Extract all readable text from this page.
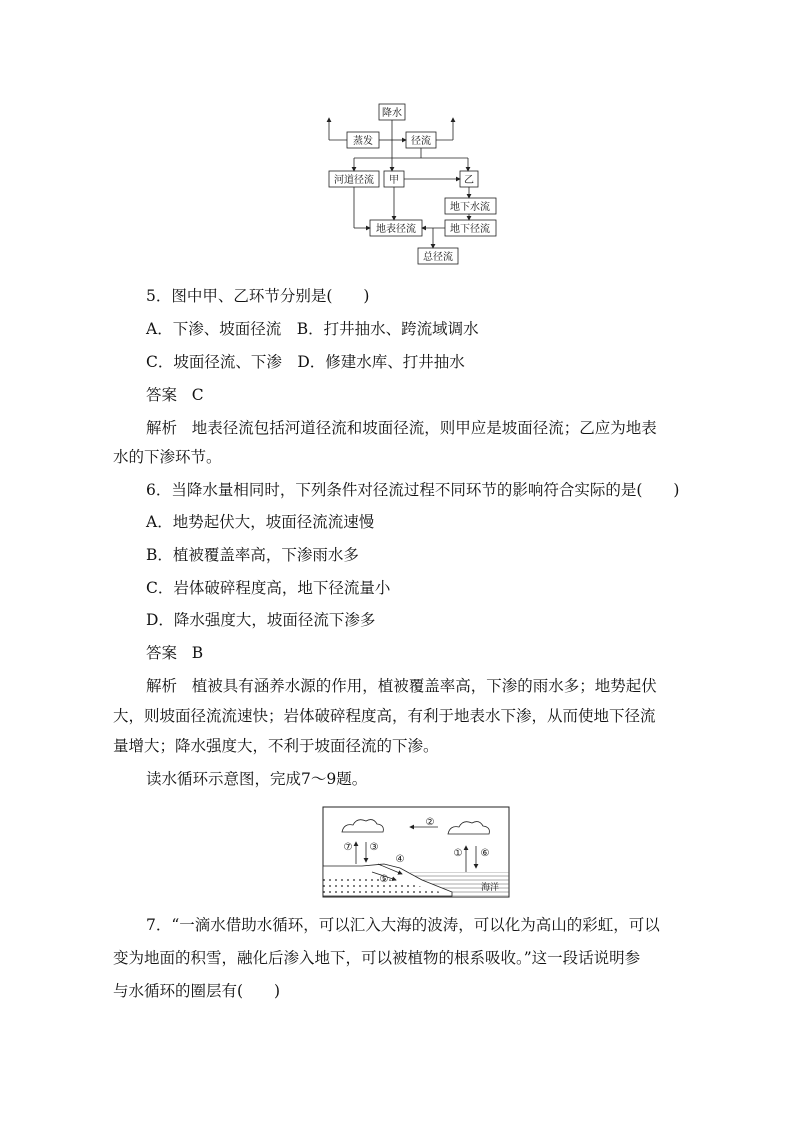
降水
蒸发	径流
河道径流 甲	乙
地下水流
地表径流	地下径流
总径流
5．图中甲、乙环节分别是(　　)
A．下渗、坡面径流　B．打井抽水、跨流域调水
C．坡面径流、下渗　D．修建水库、打井抽水
答案 C
解析 地表径流包括河道径流和坡面径流，则甲应是坡面径流；乙应为地表
水的下渗环节。
6．当降水量相同时，下列条件对径流过程不同环节的影响符合实际的是(　　)
A．地势起伏大，坡面径流流速慢
B．植被覆盖率高，下渗雨水多
C．岩体破碎程度高，地下径流量小
D．降水强度大，坡面径流下渗多
答案 B
解析 植被具有涵养水源的作用，植被覆盖率高，下渗的雨水多；地势起伏
大，则坡面径流流速快；岩体破碎程度高，有利于地表水下渗，从而使地下径流
量增大；降水强度大，不利于坡面径流的下渗。
读水循环示意图，完成7～9题。
②
⑦ ③
① ⑥
④
⑤
海洋
7．“一滴水借助水循环，可以汇入大海的波涛，可以化为高山的彩虹，可以
变为地面的积雪，融化后渗入地下，可以被植物的根系吸收。”这一段话说明参
与水循环的圈层有(　　)
